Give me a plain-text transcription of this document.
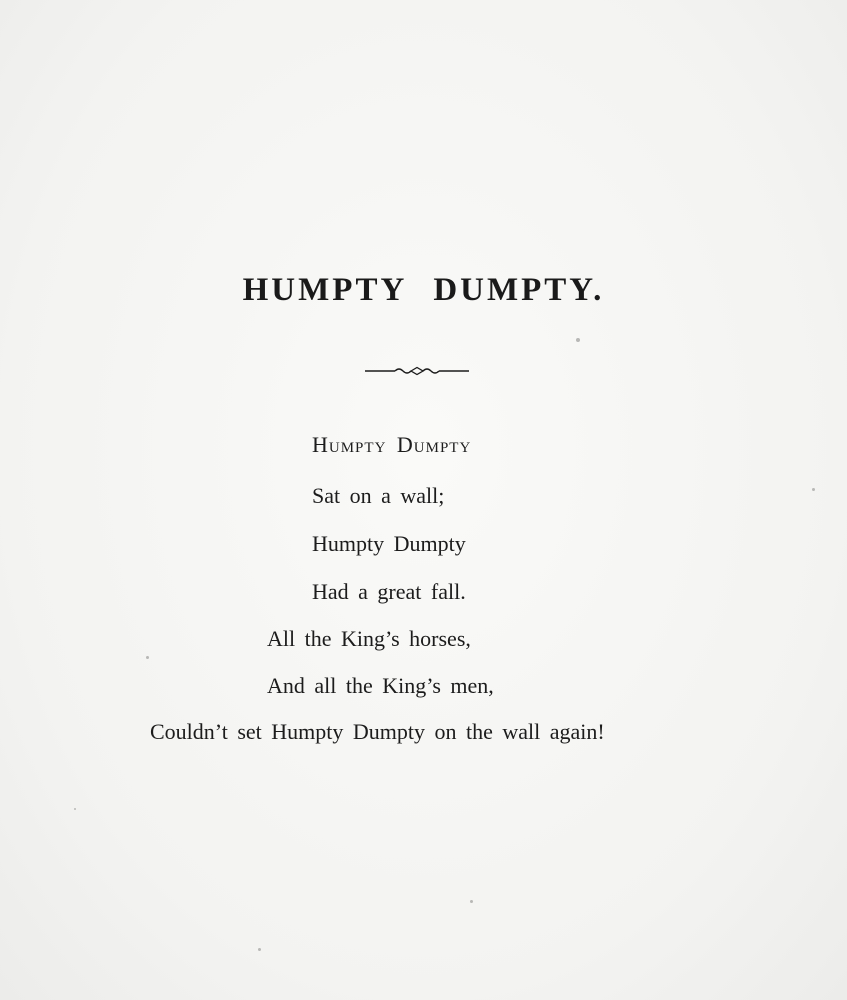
HUMPTY DUMPTY.
Humpty Dumpty
Sat on a wall;
Humpty Dumpty
Had a great fall.
All the King’s horses,
And all the King’s men,
Couldn’t set Humpty Dumpty on the wall again!
